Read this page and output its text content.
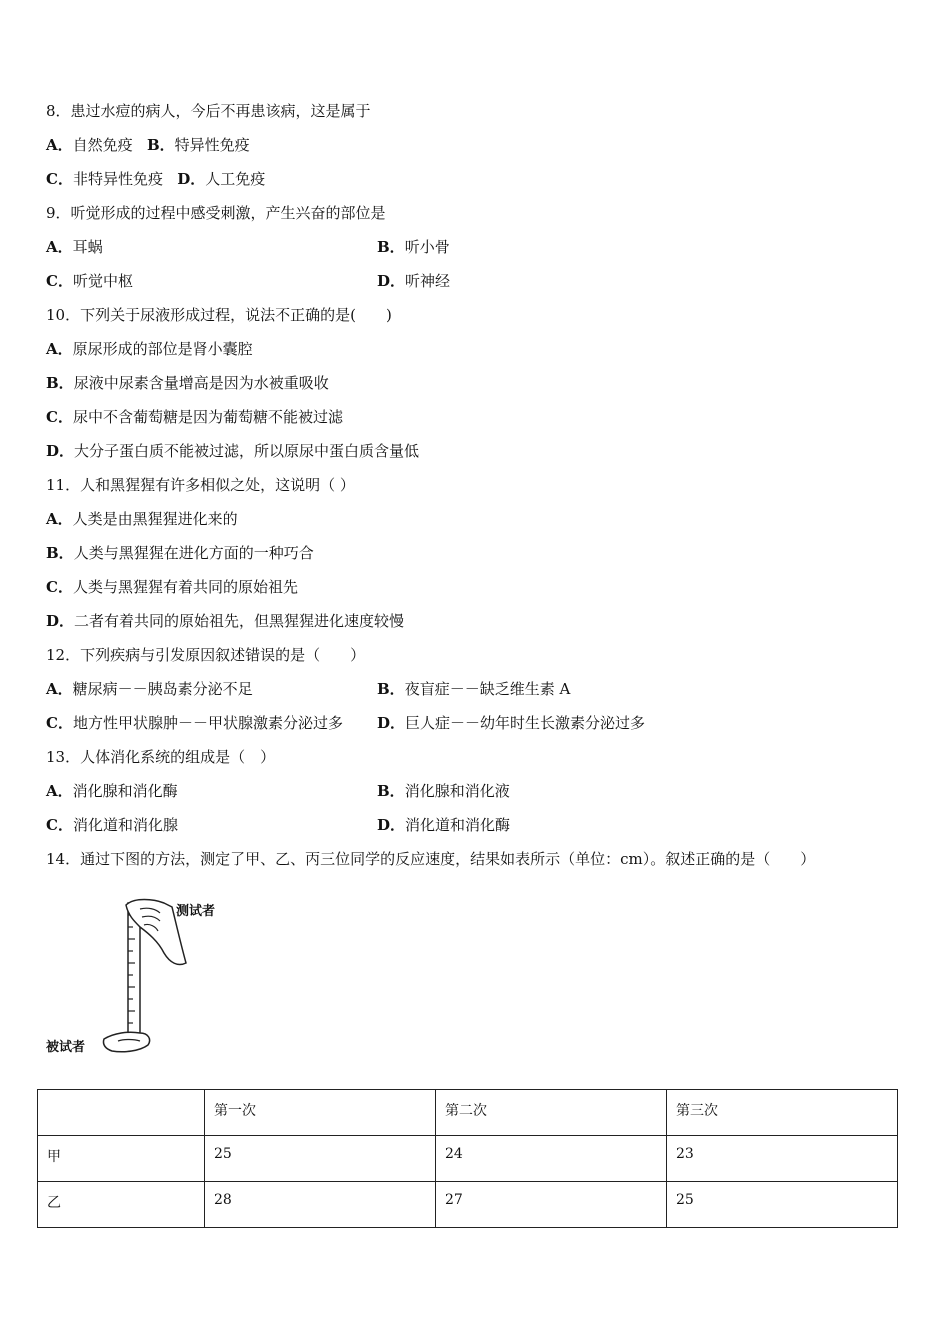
8．患过水痘的病人，今后不再患该病，这是属于
A．自然免疫 B．特异性免疫
C．非特异性免疫 D．人工免疫
9．听觉形成的过程中感受刺激，产生兴奋的部位是
A．耳蜗	B．听小骨
C．听觉中枢	D．听神经
10．下列关于尿液形成过程，说法不正确的是(　　)
A．原尿形成的部位是肾小囊腔
B．尿液中尿素含量增高是因为水被重吸收
C．尿中不含葡萄糖是因为葡萄糖不能被过滤
D．大分子蛋白质不能被过滤，所以原尿中蛋白质含量低
11．人和黑猩猩有许多相似之处，这说明（ ）
A．人类是由黑猩猩进化来的
B．人类与黑猩猩在进化方面的一种巧合
C．人类与黑猩猩有着共同的原始祖先
D．二者有着共同的原始祖先，但黑猩猩进化速度较慢
12．下列疾病与引发原因叙述错误的是（　　）
A．糖尿病－－胰岛素分泌不足	B．夜盲症－－缺乏维生素 A
C．地方性甲状腺肿－－甲状腺激素分泌过多 D．巨人症－－幼年时生长激素分泌过多
13．人体消化系统的组成是（　）
A．消化腺和消化酶	B．消化腺和消化液
C．消化道和消化腺	D．消化道和消化酶
14．通过下图的方法，测定了甲、乙、丙三位同学的反应速度，结果如表所示（单位：cm）。叙述正确的是（　　）
测试者
被试者
	第一次	第二次	第三次
甲	25	24	23
乙	28	27	25
